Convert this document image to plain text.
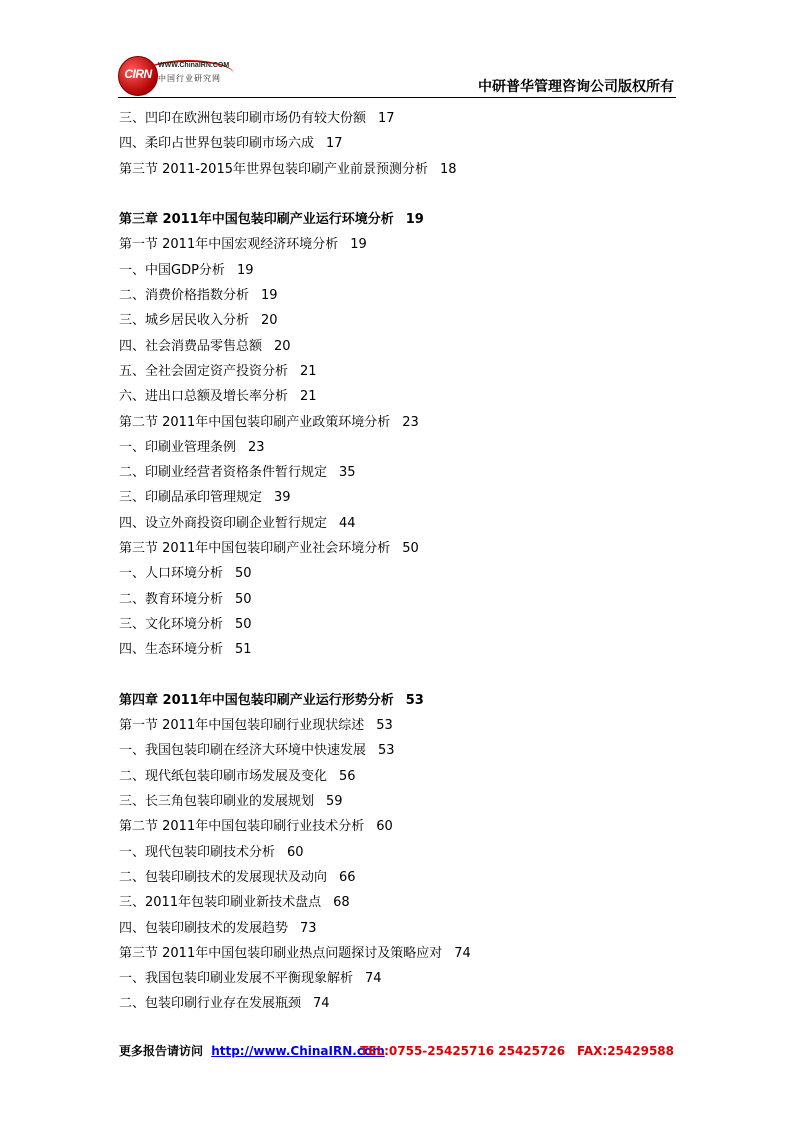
CIRN
WWW.ChinaIRN.COM
中国行业研究网
中研普华管理咨询公司版权所有
三、凹印在欧洲包装印刷市场仍有较大份额 17
四、柔印占世界包装印刷市场六成 17
第三节 2011-2015年世界包装印刷产业前景预测分析 18
第三章 2011年中国包装印刷产业运行环境分析 19
第一节 2011年中国宏观经济环境分析 19
一、中国GDP分析 19
二、消费价格指数分析 19
三、城乡居民收入分析 20
四、社会消费品零售总额 20
五、全社会固定资产投资分析 21
六、进出口总额及增长率分析 21
第二节 2011年中国包装印刷产业政策环境分析 23
一、印刷业管理条例 23
二、印刷业经营者资格条件暂行规定 35
三、印刷品承印管理规定 39
四、设立外商投资印刷企业暂行规定 44
第三节 2011年中国包装印刷产业社会环境分析 50
一、人口环境分析 50
二、教育环境分析 50
三、文化环境分析 50
四、生态环境分析 51
第四章 2011年中国包装印刷产业运行形势分析 53
第一节 2011年中国包装印刷行业现状综述 53
一、我国包装印刷在经济大环境中快速发展 53
二、现代纸包装印刷市场发展及变化 56
三、长三角包装印刷业的发展规划 59
第二节 2011年中国包装印刷行业技术分析 60
一、现代包装印刷技术分析 60
二、包装印刷技术的发展现状及动向 66
三、2011年包装印刷业新技术盘点 68
四、包装印刷技术的发展趋势 73
第三节 2011年中国包装印刷业热点问题探讨及策略应对 74
一、我国包装印刷业发展不平衡现象解析 74
二、包装印刷行业存在发展瓶颈 74
更多报告请访问 http://www.ChinaIRN.com
TEL:0755-25425716 25425726　FAX:25429588
